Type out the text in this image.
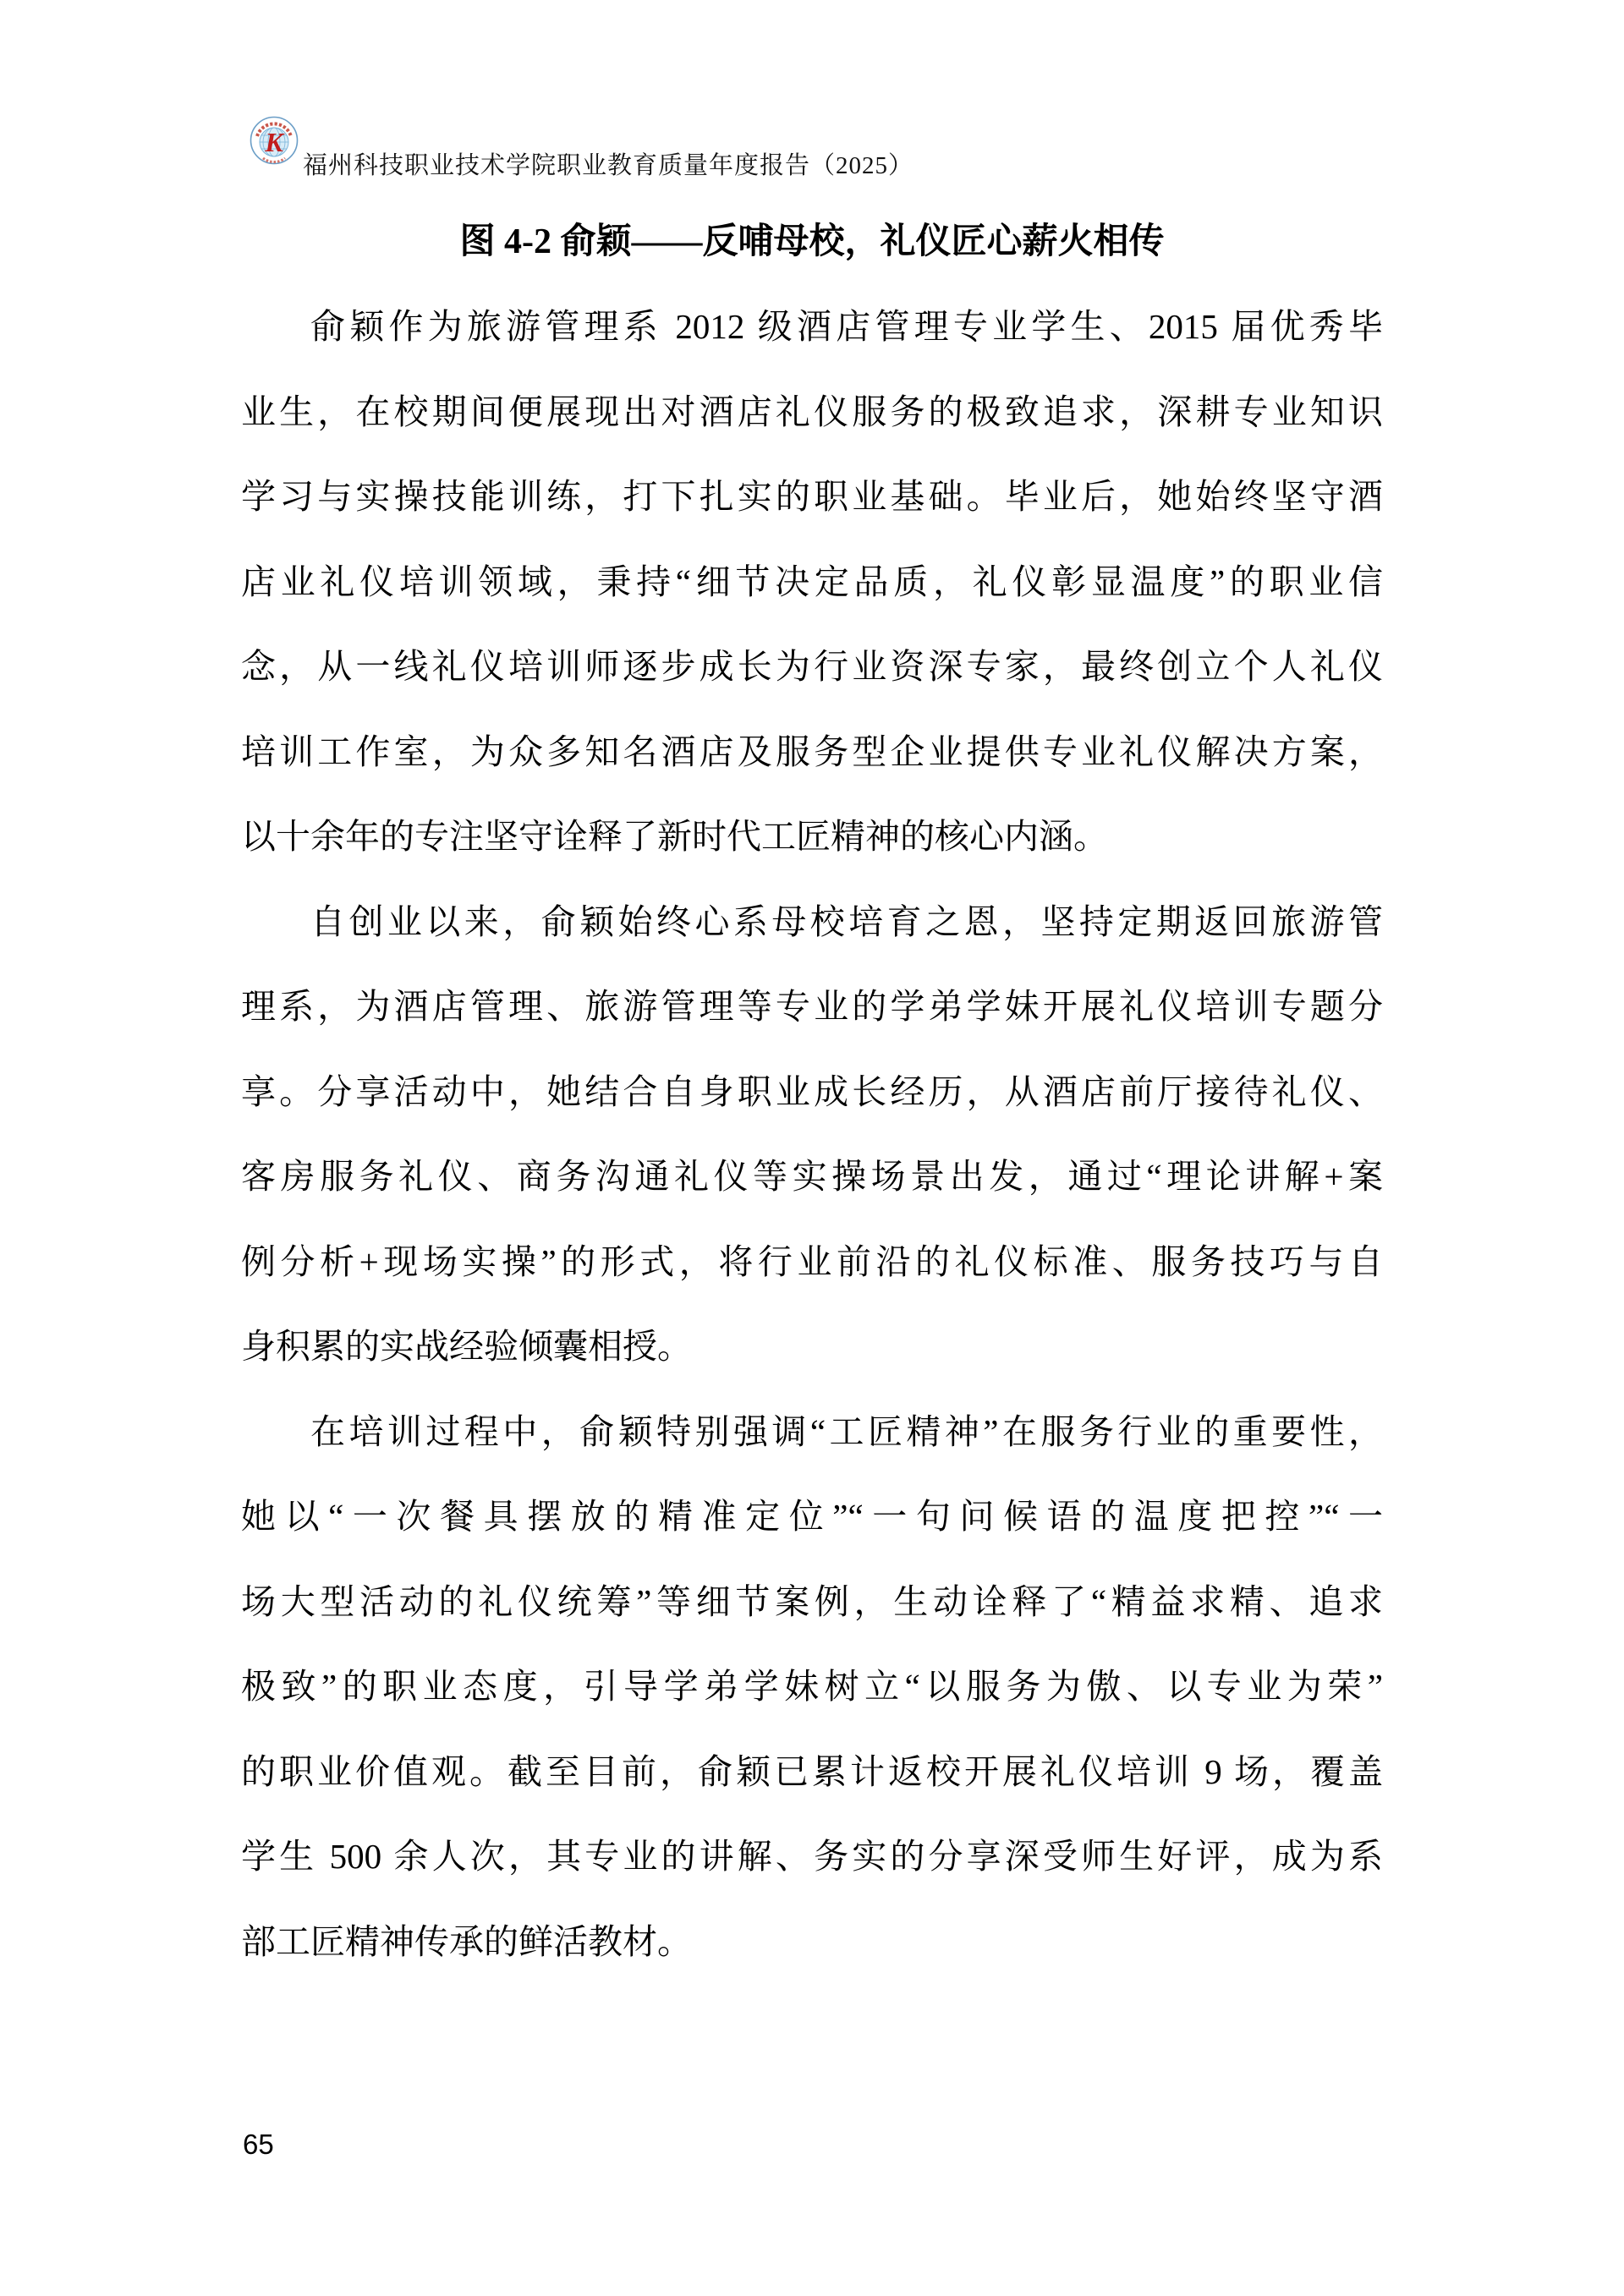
K
福州科技职业技术学院职业教育质量年度报告（2025）
图 4-2 俞颖——反哺母校，礼仪匠心薪火相传
俞颖作为旅游管理系 2012 级酒店管理专业学生、2015 届优秀毕
业生，在校期间便展现出对酒店礼仪服务的极致追求，深耕专业知识
学习与实操技能训练，打下扎实的职业基础。毕业后，她始终坚守酒
店业礼仪培训领域，秉持“细节决定品质，礼仪彰显温度”的职业信
念，从一线礼仪培训师逐步成长为行业资深专家，最终创立个人礼仪
培训工作室，为众多知名酒店及服务型企业提供专业礼仪解决方案，
以十余年的专注坚守诠释了新时代工匠精神的核心内涵。
自创业以来，俞颖始终心系母校培育之恩，坚持定期返回旅游管
理系，为酒店管理、旅游管理等专业的学弟学妹开展礼仪培训专题分
享。分享活动中，她结合自身职业成长经历，从酒店前厅接待礼仪、
客房服务礼仪、商务沟通礼仪等实操场景出发，通过“理论讲解+案
例分析+现场实操”的形式，将行业前沿的礼仪标准、服务技巧与自
身积累的实战经验倾囊相授。
在培训过程中，俞颖特别强调“工匠精神”在服务行业的重要性，
她以“一次餐具摆放的精准定位”“一句问候语的温度把控”“一
场大型活动的礼仪统筹”等细节案例，生动诠释了“精益求精、追求
极致”的职业态度，引导学弟学妹树立“以服务为傲、以专业为荣”
的职业价值观。截至目前，俞颖已累计返校开展礼仪培训 9 场，覆盖
学生 500 余人次，其专业的讲解、务实的分享深受师生好评，成为系
部工匠精神传承的鲜活教材。
65
